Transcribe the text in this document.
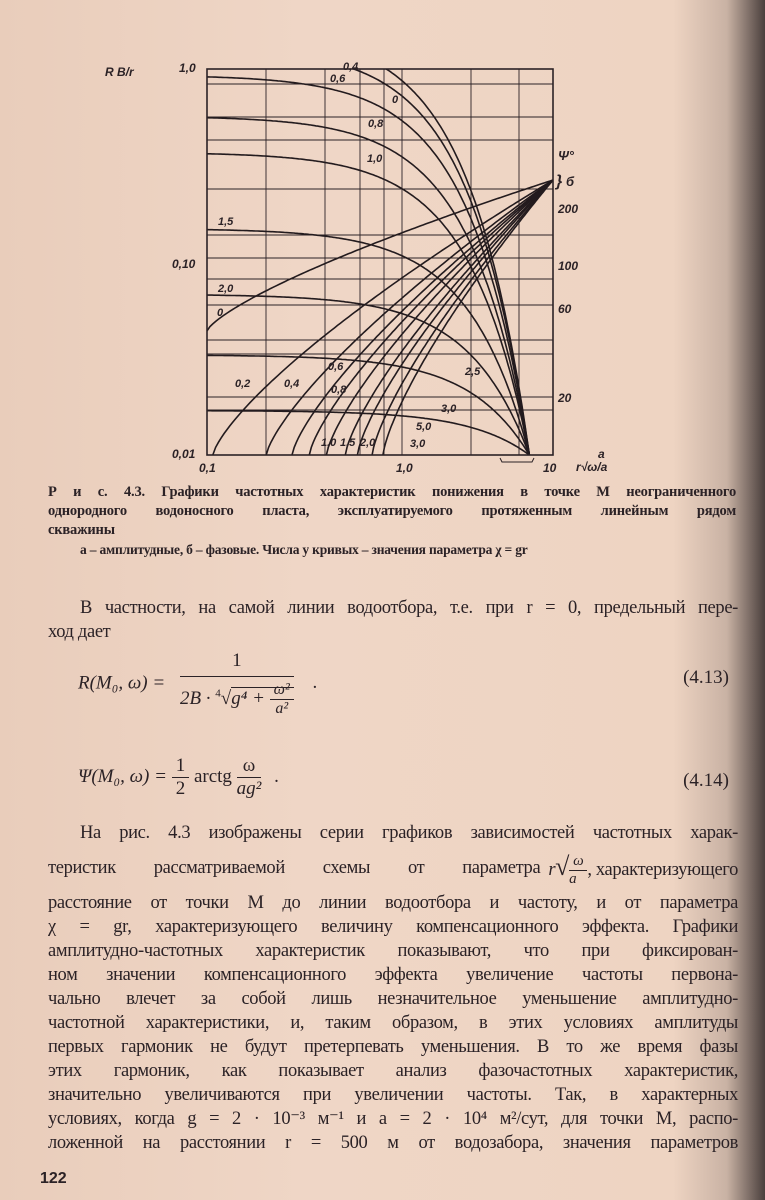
R B/r	1,0
0,10
0,01
0,1	1,0	10
a
r√ω/a
Ψ°
} б
200
100
60
20
0,4
0
0,6
0,8
1,0
1,5
2,0
2,5
3,0
0
0,2	0,4
0,6
0,8
1,0 1,5 2,0	3,0
5,0
Р и с. 4.3. Графики частотных характеристик понижения в точке М неограниченного
однородного водоносного пласта, эксплуатируемого протяженным линейным рядом
скважины
а – амплитудные, б – фазовые. Числа у кривых – значения параметра χ = gr
В частности, на самой линии водоотбора, т.е. при r = 0, предельный пере-
ход дает
R(M₀, $\omega) = \frac{1}{2B \cdot ^4√g^4 + \frac{\text{ω²}}{\text{a²}}}$ .	(4.13)
Ψ(M₀, $\omega) = \frac{1}{2}$ arctg $\frac{\omega}{\text{ag²}}$ .	(4.14)
На рис. 4.3 изображены серии графиков зависимостей частотных харак-
теристик рассматриваемой схемы от параметра $r√ \frac{\omega}{a}$ , характеризующего
расстояние от точки М до линии водоотбора и частоту, и от параметра
χ = gr, характеризующего величину компенсационного эффекта. Графики
амплитудно-частотных характеристик показывают, что при фиксирован-
ном значении компенсационного эффекта увеличение частоты первона-
чально влечет за собой лишь незначительное уменьшение амплитудно-
частотной характеристики, и, таким образом, в этих условиях амплитуды
первых гармоник не будут претерпевать уменьшения. В то же время фазы
этих гармоник, как показывает анализ фазочастотных характеристик,
значительно увеличиваются при увеличении частоты. Так, в характерных
условиях, когда g = 2 · 10⁻³ м⁻¹ и a = 2 · 10⁴ м²/сут, для точки М, распо-
ложенной на расстоянии r = 500 м от водозабора, значения параметров
122
